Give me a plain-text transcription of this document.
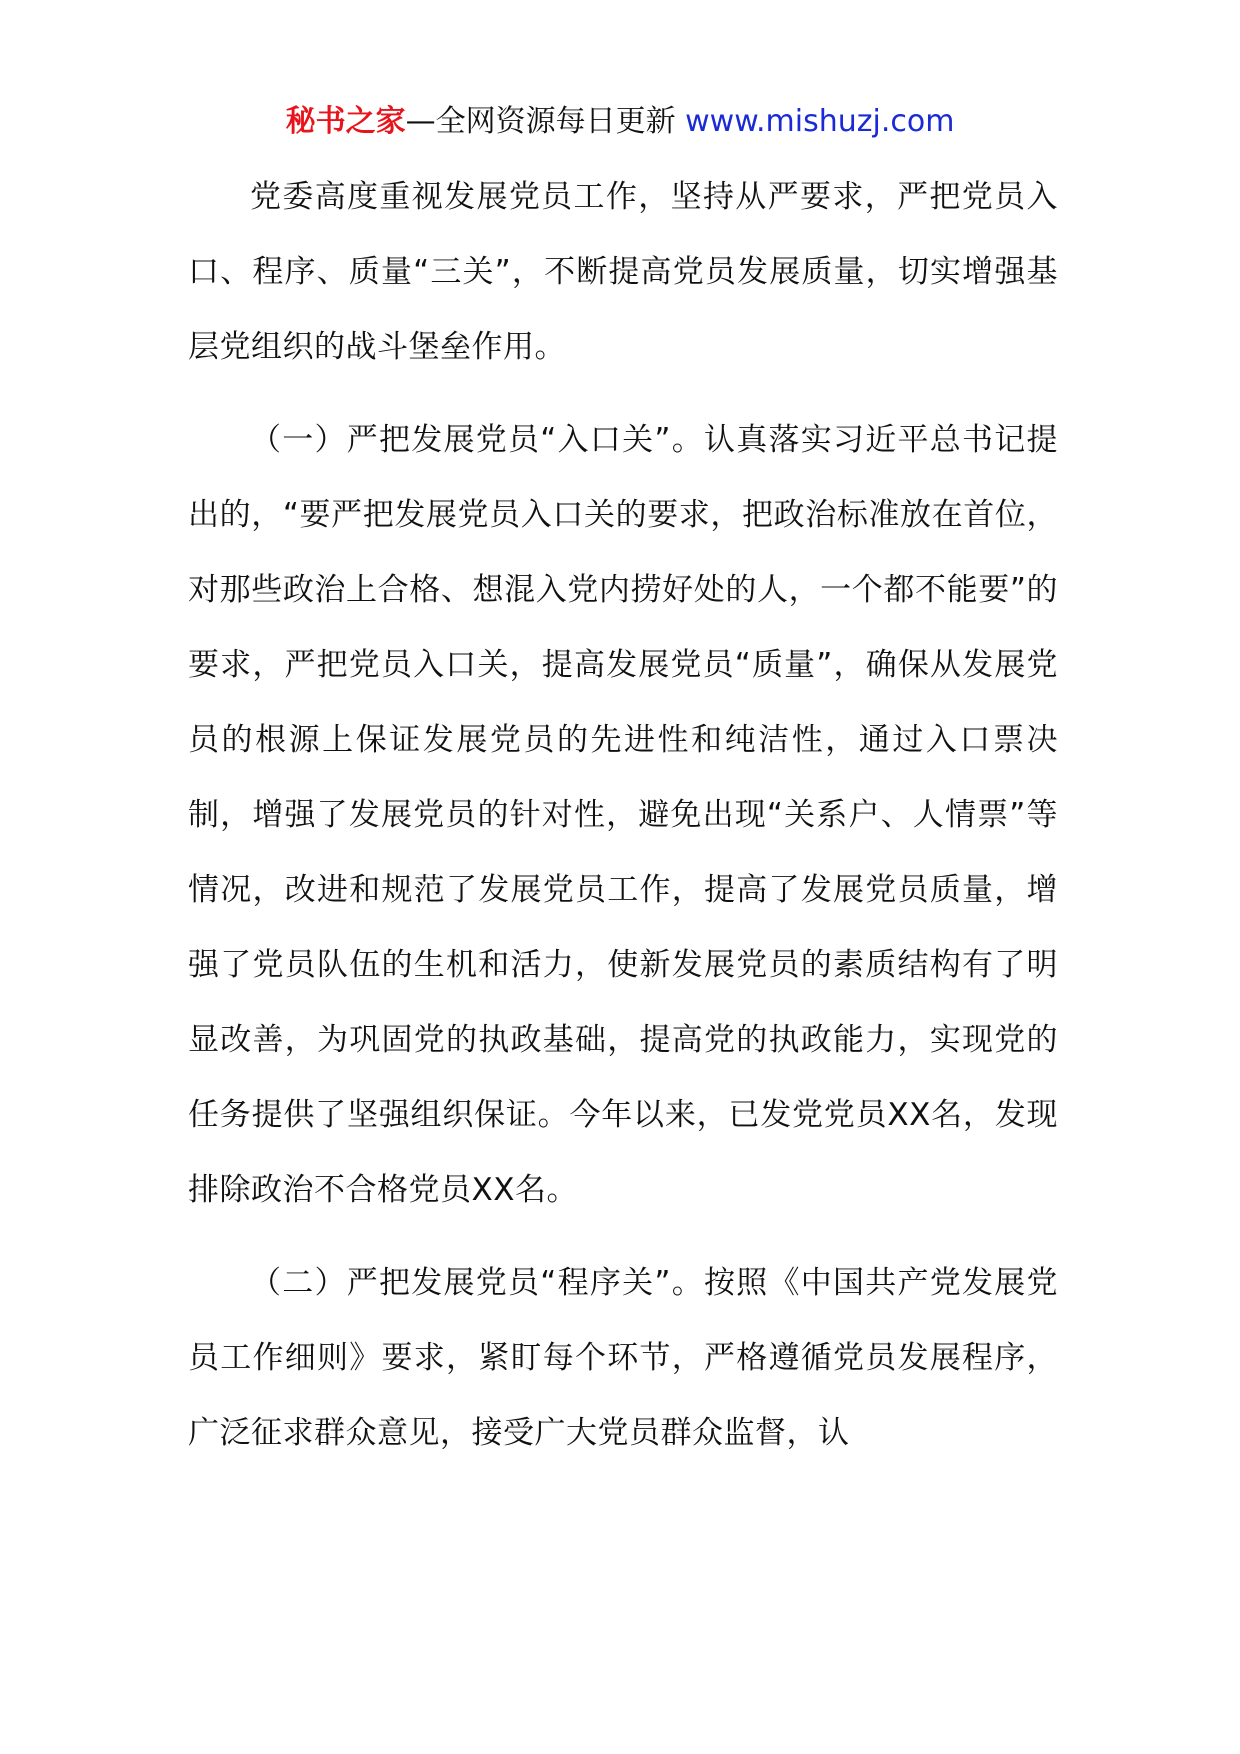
秘书之家—全网资源每日更新 www.mishuzj.com

党委高度重视发展党员工作，坚持从严要求，严把党员入口、程序、质量“三关”，不断提高党员发展质量，切实增强基层党组织的战斗堡垒作用。

（一）严把发展党员“入口关”。认真落实习近平总书记提出的，“要严把发展党员入口关的要求，把政治标准放在首位，对那些政治上合格、想混入党内捞好处的人，一个都不能要”的要求，严把党员入口关，提高发展党员“质量”，确保从发展党员的根源上保证发展党员的先进性和纯洁性，通过入口票决制，增强了发展党员的针对性，避免出现“关系户、人情票”等情况，改进和规范了发展党员工作，提高了发展党员质量，增强了党员队伍的生机和活力，使新发展党员的素质结构有了明显改善，为巩固党的执政基础，提高党的执政能力，实现党的任务提供了坚强组织保证。今年以来，已发党党员XX名，发现排除政治不合格党员XX名。

（二）严把发展党员“程序关”。按照《中国共产党发展党员工作细则》要求，紧盯每个环节，严格遵循党员发展程序，广泛征求群众意见，接受广大党员群众监督，认
